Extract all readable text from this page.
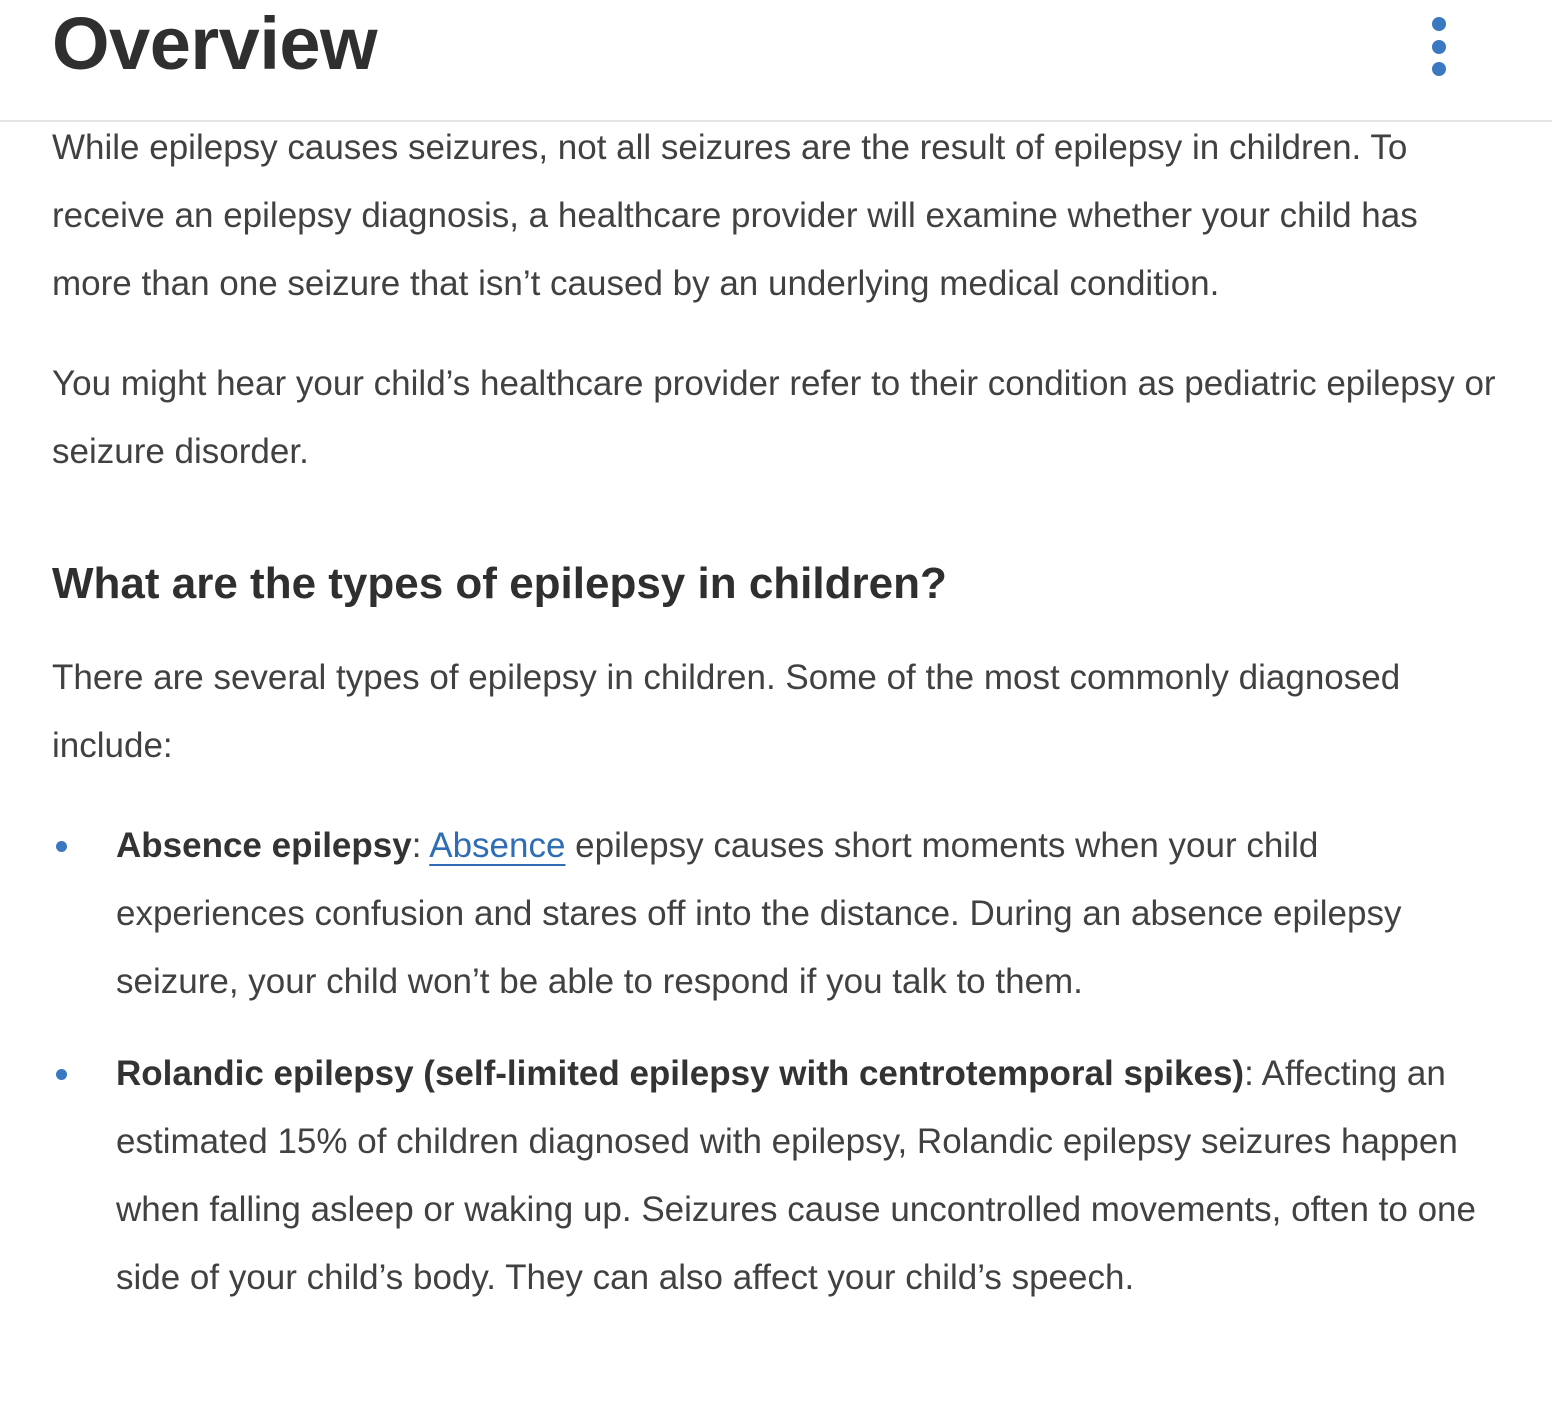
Overview

While epilepsy causes seizures, not all seizures are the result of epilepsy in children. To receive an epilepsy diagnosis, a healthcare provider will examine whether your child has more than one seizure that isn’t caused by an underlying medical condition.

You might hear your child’s healthcare provider refer to their condition as pediatric epilepsy or seizure disorder.

What are the types of epilepsy in children?

There are several types of epilepsy in children. Some of the most commonly diagnosed include:

Absence epilepsy: Absence epilepsy causes short moments when your child experiences confusion and stares off into the distance. During an absence epilepsy seizure, your child won’t be able to respond if you talk to them.
Rolandic epilepsy (self-limited epilepsy with centrotemporal spikes): Affecting an estimated 15% of children diagnosed with epilepsy, Rolandic epilepsy seizures happen when falling asleep or waking up. Seizures cause uncontrolled movements, often to one side of your child’s body. They can also affect your child’s speech.
